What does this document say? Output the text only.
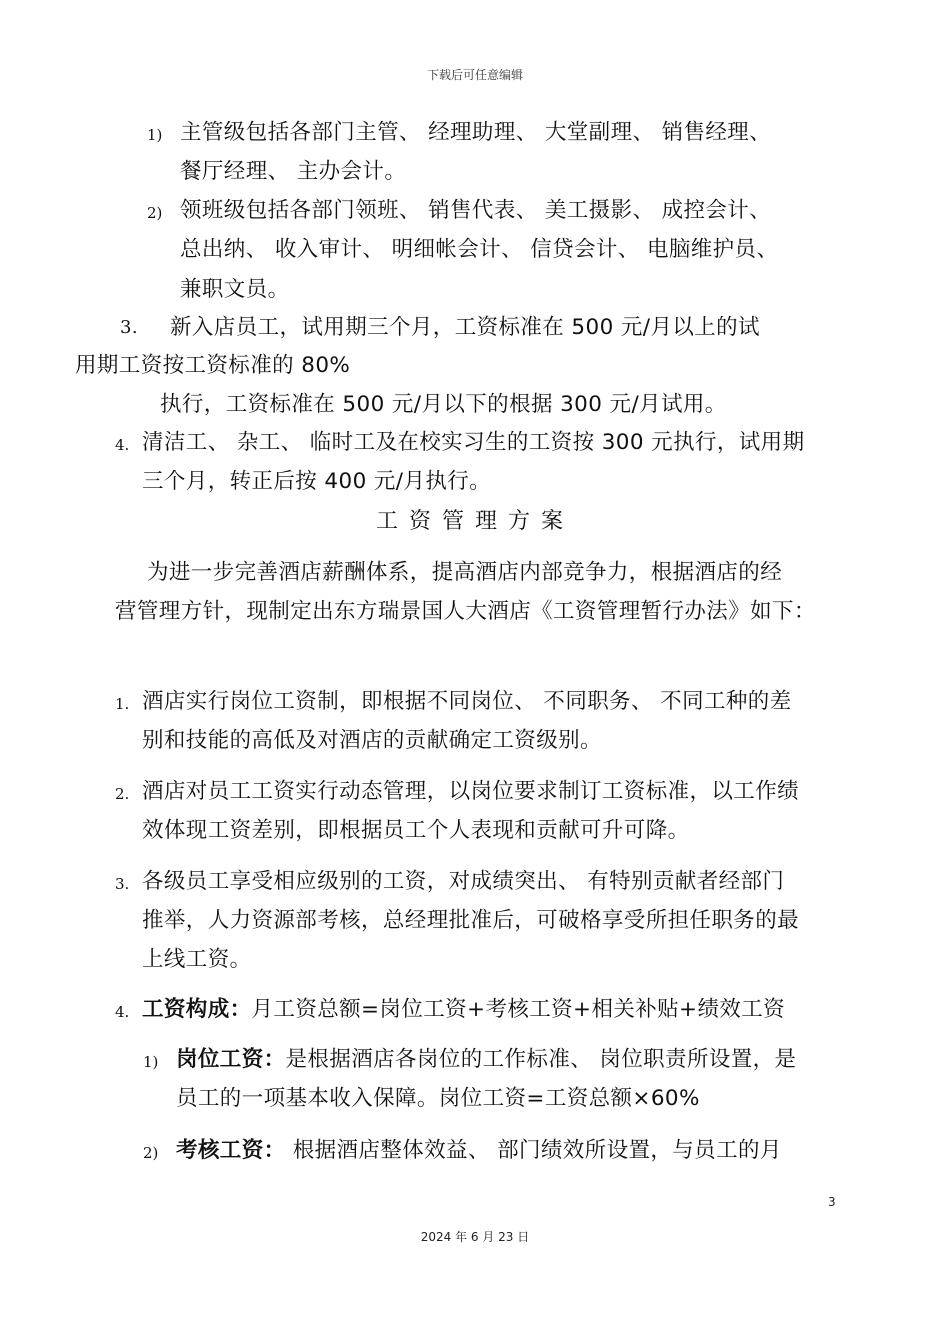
下载后可任意编辑
1) 主管级包括各部门主管、 经理助理、 大堂副理、 销售经理、
餐厅经理、 主办会计。
2) 领班级包括各部门领班、 销售代表、 美工摄影、 成控会计、
总出纳、 收入审计、 明细帐会计、 信贷会计、 电脑维护员、
兼职文员。
3. 新入店员工，试用期三个月，工资标准在 500 元/月以上的试
用期工资按工资标准的 80%
执行，工资标准在 500 元/月以下的根据 300 元/月试用。
4. 清洁工、 杂工、 临时工及在校实习生的工资按 300 元执行，试用期
三个月，转正后按 400 元/月执行。
工资管理方案
为进一步完善酒店薪酬体系，提高酒店内部竞争力，根据酒店的经
营管理方针，现制定出东方瑞景国人大酒店《工资管理暂行办法》如下：
1. 酒店实行岗位工资制，即根据不同岗位、 不同职务、 不同工种的差
别和技能的高低及对酒店的贡献确定工资级别。
2. 酒店对员工工资实行动态管理，以岗位要求制订工资标准，以工作绩
效体现工资差别，即根据员工个人表现和贡献可升可降。
3. 各级员工享受相应级别的工资，对成绩突出、 有特别贡献者经部门
推举，人力资源部考核，总经理批准后，可破格享受所担任职务的最
上线工资。
4. 工资构成：月工资总额=岗位工资+考核工资+相关补贴+绩效工资
1) 岗位工资：是根据酒店各岗位的工作标准、 岗位职责所设置，是
员工的一项基本收入保障。岗位工资=工资总额×60%
2) 考核工资： 根据酒店整体效益、 部门绩效所设置，与员工的月
3
2024 年 6 月 23 日
